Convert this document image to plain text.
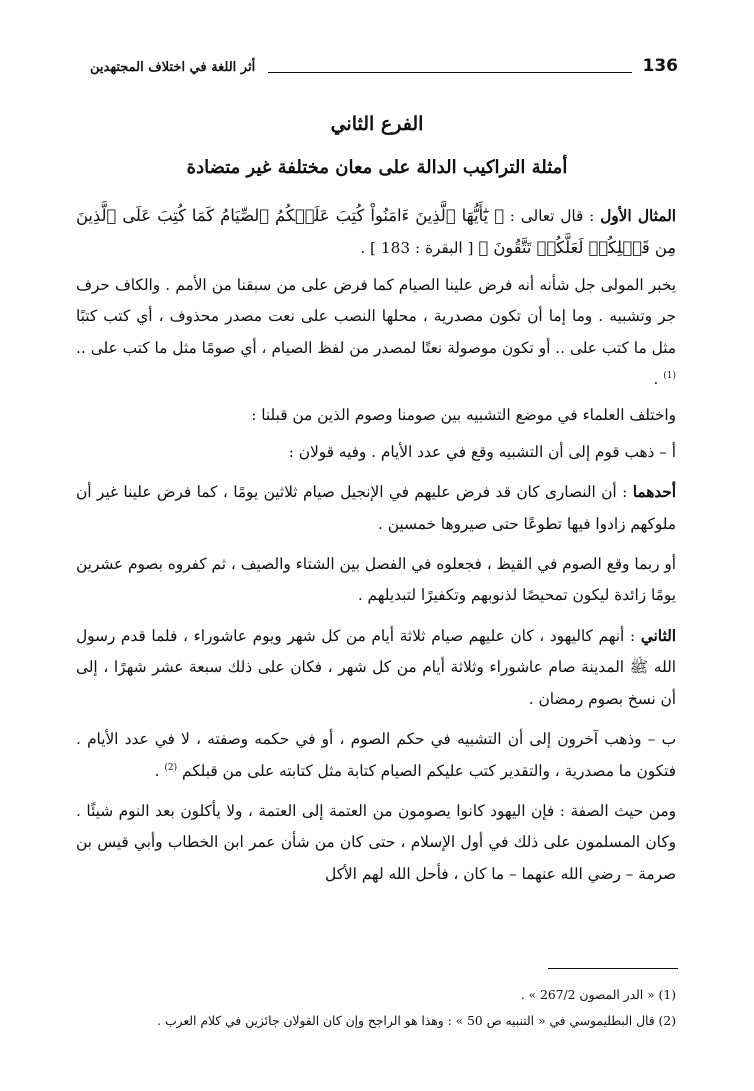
136
أثر اللغة في اختلاف المجتهدين
الفرع الثاني
أمثلة التراكيب الدالة على معان مختلفة غير متضادة

المثال الأول : قال تعالى : ﴿ يَٰٓأَيُّهَا ٱلَّذِينَ ءَامَنُواْ كُتِبَ عَلَيۡكُمُ ٱلصِّيَامُ كَمَا كُتِبَ عَلَى ٱلَّذِينَ مِن قَبۡلِكُمۡ لَعَلَّكُمۡ تَتَّقُونَ ﴾ [ البقرة : 183 ] .

يخبر المولى جل شأنه أنه فرض علينا الصيام كما فرض على من سبقنا من الأمم . والكاف حرف جر وتشبيه . وما إما أن تكون مصدرية ، محلها النصب على نعت مصدر محذوف ، أي كتب كتبًا مثل ما كتب على .. أو تكون موصولة نعتًا لمصدر من لفظ الصيام ، أي صومًا مثل ما كتب على .. $^{(1)}$ .

واختلف العلماء في موضع التشبيه بين صومنا وصوم الذين من قبلنا :

أ – ذهب قوم إلى أن التشبيه وقع في عدد الأيام . وفيه قولان :

أحدهما : أن النصارى كان قد فرض عليهم في الإنجيل صيام ثلاثين يومًا ، كما فرض علينا غير أن ملوكهم زادوا فيها تطوعًا حتى صيروها خمسين .

أو ربما وقع الصوم في القيظ ، فجعلوه في الفصل بين الشتاء والصيف ، ثم كفروه بصوم عشرين يومًا زائدة ليكون تمحيصًا لذنوبهم وتكفيرًا لتبديلهم .

الثاني : أنهم كاليهود ، كان عليهم صيام ثلاثة أيام من كل شهر ويوم عاشوراء ، فلما قدم رسول الله ﷺ المدينة صام عاشوراء وثلاثة أيام من كل شهر ، فكان على ذلك سبعة عشر شهرًا ، إلى أن نسخ بصوم رمضان .

ب – وذهب آخرون إلى أن التشبيه في حكم الصوم ، أو في حكمه وصفته ، لا في عدد الأيام . فتكون ما مصدرية ، والتقدير كتب عليكم الصيام كتابة مثل كتابته على من قبلكم $^{(2)}$ .

ومن حيث الصفة : فإن اليهود كانوا يصومون من العتمة إلى العتمة ، ولا يأكلون بعد النوم شيئًا . وكان المسلمون على ذلك في أول الإسلام ، حتى كان من شأن عمر ابن الخطاب وأبي قيس بن صرمة – رضي الله عنهما – ما كان ، فأحل الله لهم الأكل

(1) « الدر المصون 267/2 » .

(2) قال البطليموسي في « التنبيه ص 50 » : وهذا هو الراجح وإن كان القولان جائزين في كلام العرب .
